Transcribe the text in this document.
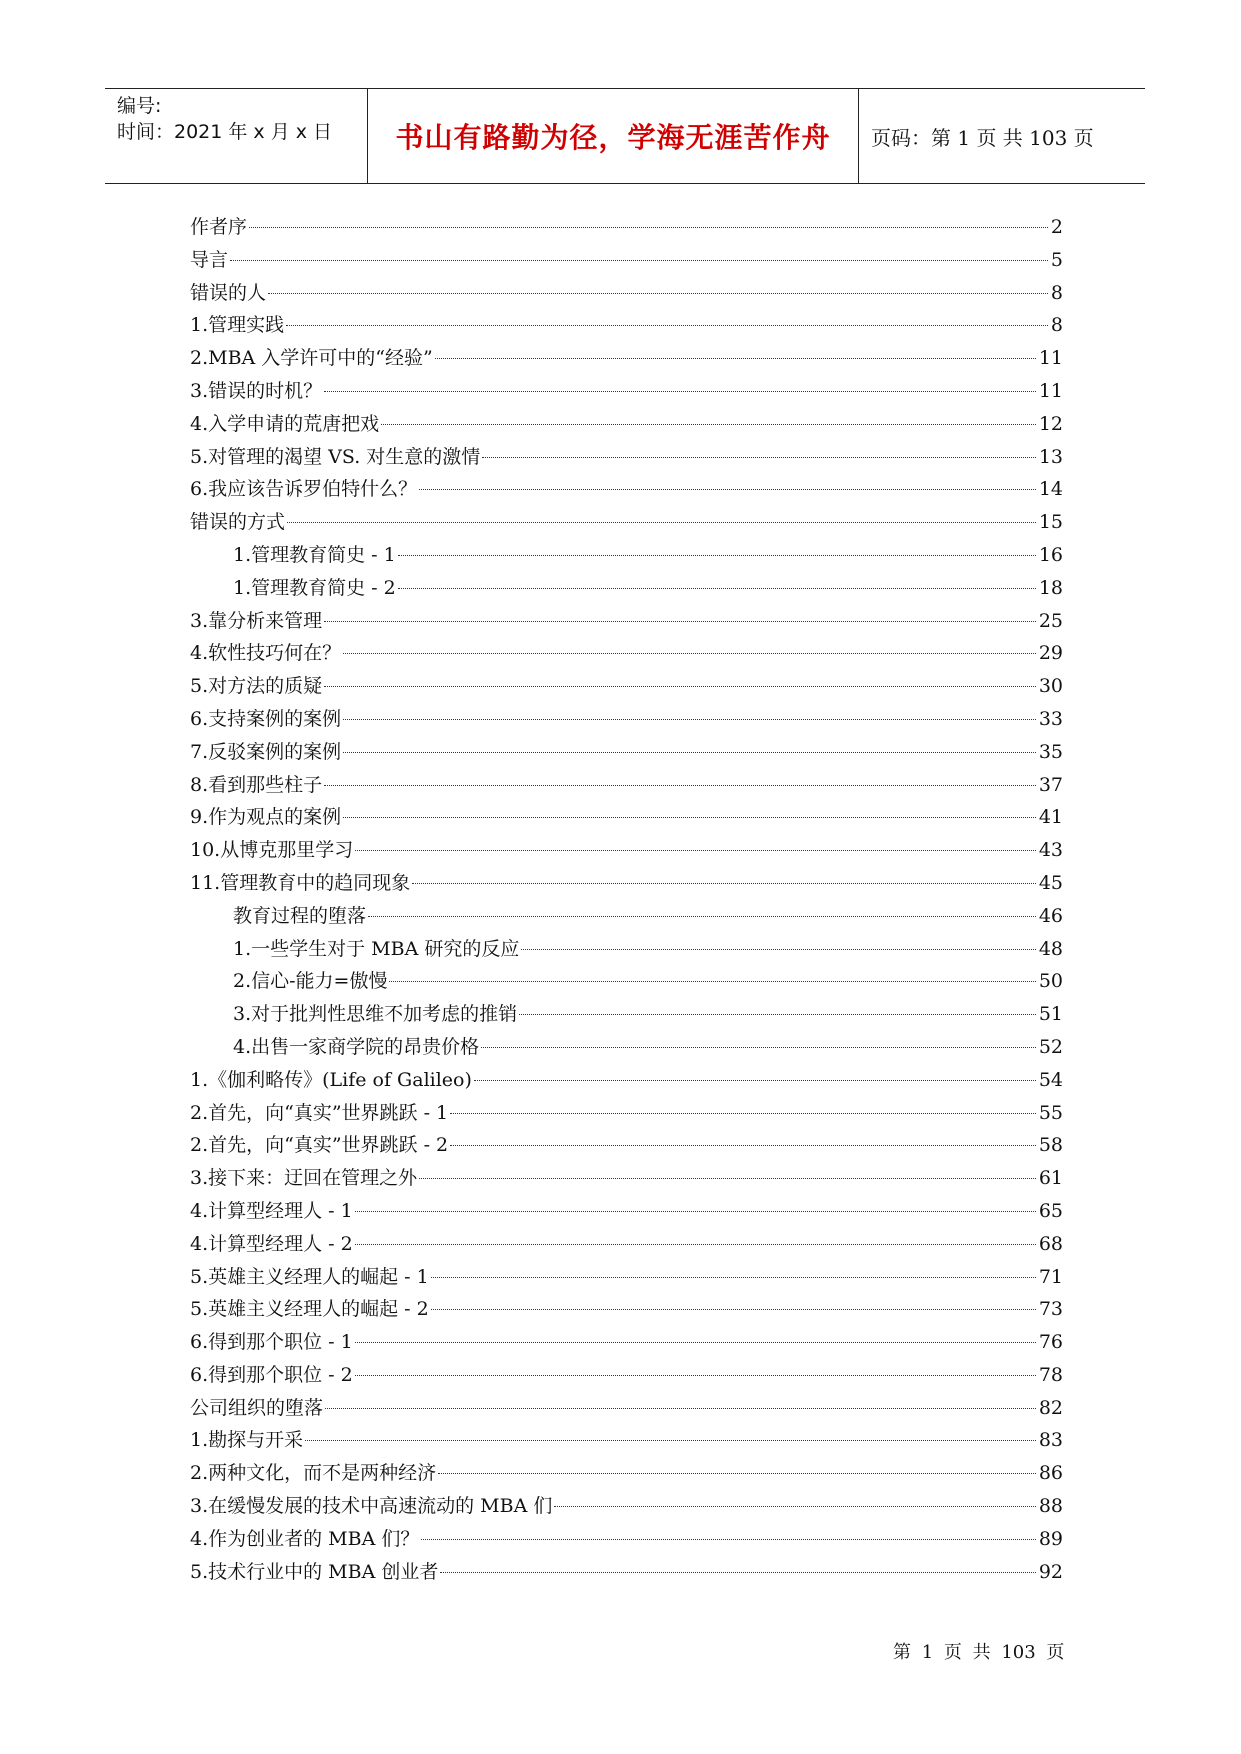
编号:
时间：2021 年 x 月 x 日	书山有路勤为径，学海无涯苦作舟	页码：第 1 页 共 103 页
作者序	2
导言	5
错误的人	8
1.管理实践	8
2.MBA 入学许可中的“经验”	11
3.错误的时机？	11
4.入学申请的荒唐把戏	12
5.对管理的渴望 VS. 对生意的激情	13
6.我应该告诉罗伯特什么？	14
错误的方式	15
1.管理教育简史 - 1	16
1.管理教育简史 - 2	18
3.靠分析来管理	25
4.软性技巧何在？	29
5.对方法的质疑	30
6.支持案例的案例	33
7.反驳案例的案例	35
8.看到那些柱子	37
9.作为观点的案例	41
10.从博克那里学习	43
11.管理教育中的趋同现象	45
教育过程的堕落	46
1.一些学生对于 MBA 研究的反应	48
2.信心-能力=傲慢	50
3.对于批判性思维不加考虑的推销	51
4.出售一家商学院的昂贵价格	52
1.《伽利略传》(Life of Galileo)	54
2.首先，向“真实”世界跳跃 - 1	55
2.首先，向“真实”世界跳跃 - 2	58
3.接下来：迂回在管理之外	61
4.计算型经理人 - 1	65
4.计算型经理人 - 2	68
5.英雄主义经理人的崛起 - 1	71
5.英雄主义经理人的崛起 - 2	73
6.得到那个职位 - 1	76
6.得到那个职位 - 2	78
公司组织的堕落	82
1.勘探与开采	83
2.两种文化，而不是两种经济	86
3.在缓慢发展的技术中高速流动的 MBA 们	88
4.作为创业者的 MBA 们？	89
5.技术行业中的 MBA 创业者	92
第 1 页 共 103 页
